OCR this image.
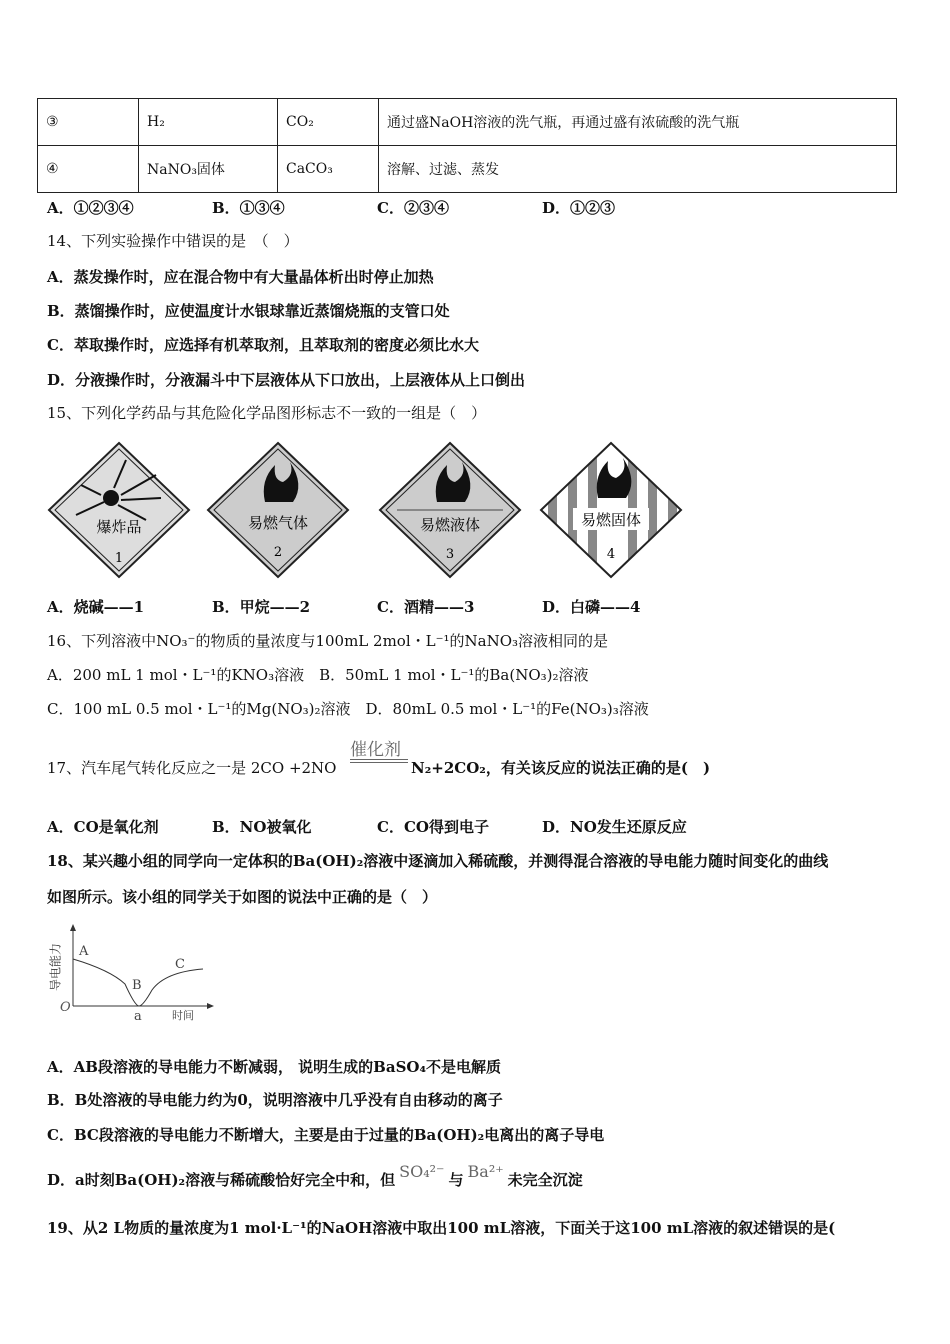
③	H₂	CO₂	通过盛NaOH溶液的洗气瓶，再通过盛有浓硫酸的洗气瓶
④	NaNO₃固体	CaCO₃	溶解、过滤、蒸发
A．①②③④	B．①③④	C．②③④	D．①②③
14、下列实验操作中错误的是　（　）
A．蒸发操作时，应在混合物中有大量晶体析出时停止加热
B．蒸馏操作时，应使温度计水银球靠近蒸馏烧瓶的支管口处
C．萃取操作时，应选择有机萃取剂，且萃取剂的密度必须比水大
D．分液操作时，分液漏斗中下层液体从下口放出，上层液体从上口倒出
15、下列化学药品与其危险化学品图形标志不一致的一组是（　）
爆炸品
1
易燃气体
2
易燃液体
3
易燃固体
4
A．烧碱——1	B．甲烷——2	C．酒精——3	D．白磷——4
16、下列溶液中NO₃⁻的物质的量浓度与100mL 2mol・L⁻¹的NaNO₃溶液相同的是
A．200 mL 1 mol・L⁻¹的KNO₃溶液　B．50mL 1 mol・L⁻¹的Ba(NO₃)₂溶液
C．100 mL 0.5 mol・L⁻¹的Mg(NO₃)₂溶液　D．80mL 0.5 mol・L⁻¹的Fe(NO₃)₃溶液
催化剂
17、汽车尾气转化反应之一是 2CO +2NO	N₂+2CO₂，有关该反应的说法正确的是(　)
A．CO是氧化剂	B．NO被氧化	C．CO得到电子	D．NO发生还原反应
18、某兴趣小组的同学向一定体积的Ba(OH)₂溶液中逐滴加入稀硫酸，并测得混合溶液的导电能力随时间变化的曲线
如图所示。该小组的同学关于如图的说法中正确的是（　）
导电能力
O
A
B
C
a	时间
A．AB段溶液的导电能力不断减弱， 说明生成的BaSO₄不是电解质
B．B处溶液的导电能力约为0，说明溶液中几乎没有自由移动的离子
C．BC段溶液的导电能力不断增大，主要是由于过量的Ba(OH)₂电离出的离子导电
D．a时刻Ba(OH)₂溶液与稀硫酸恰好完全中和，但 SO₄²⁻ 与 Ba²⁺ 未完全沉淀
19、从2 L物质的量浓度为1 mol·L⁻¹的NaOH溶液中取出100 mL溶液，下面关于这100 mL溶液的叙述错误的是(
